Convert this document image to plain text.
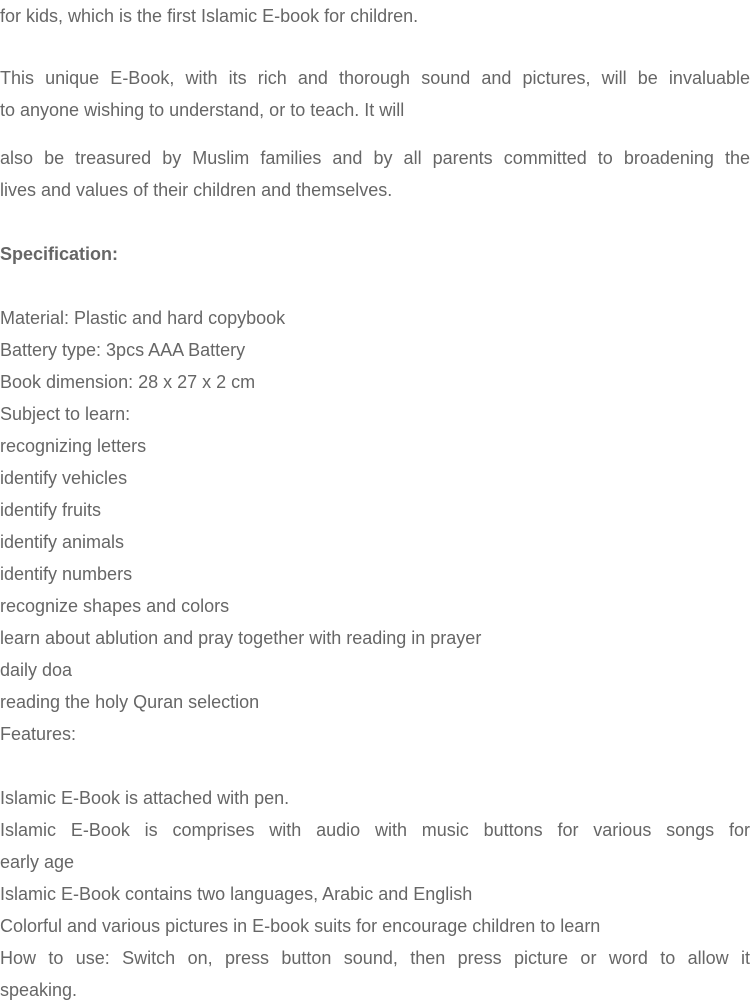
for kids, which is the first Islamic E-book for children.
This unique E-Book, with its rich and thorough sound and pictures, will be invaluable
to anyone wishing to understand, or to teach. It will
also be treasured by Muslim families and by all parents committed to broadening the
lives and values of their children and themselves.
Specification:
Material: Plastic and hard copybook
Battery type: 3pcs AAA Battery
Book dimension: 28 x 27 x 2 cm
Subject to learn:
recognizing letters
identify vehicles
identify fruits
identify animals
identify numbers
recognize shapes and colors
learn about ablution and pray together with reading in prayer
daily doa
reading the holy Quran selection
Features:
Islamic E-Book is attached with pen.
Islamic E-Book is comprises with audio with music buttons for various songs for
early age
Islamic E-Book contains two languages, Arabic and English
Colorful and various pictures in E-book suits for encourage children to learn
How to use: Switch on, press button sound, then press picture or word to allow it
speaking.
